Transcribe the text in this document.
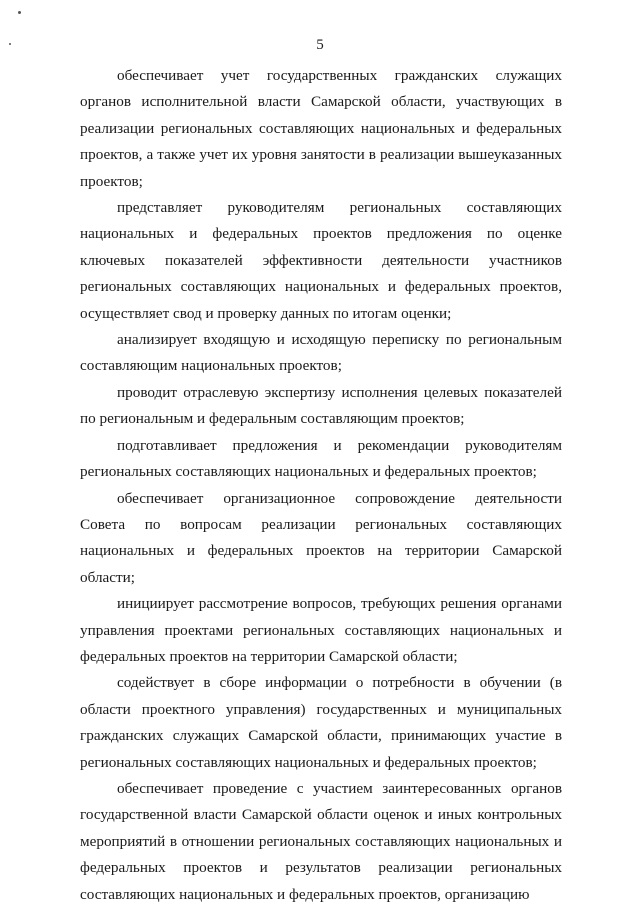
5

обеспечивает учет государственных гражданских служащих органов исполнительной власти Самарской области, участвующих в реализации региональных составляющих национальных и федеральных проектов, а также учет их уровня занятости в реализации вышеуказанных проектов;

представляет руководителям региональных составляющих национальных и федеральных проектов предложения по оценке ключевых показателей эффективности деятельности участников региональных составляющих национальных и федеральных проектов, осуществляет свод и проверку данных по итогам оценки;

анализирует входящую и исходящую переписку по региональным составляющим национальных проектов;

проводит отраслевую экспертизу исполнения целевых показателей по региональным и федеральным составляющим проектов;

подготавливает предложения и рекомендации руководителям региональных составляющих национальных и федеральных проектов;

обеспечивает организационное сопровождение деятельности Совета по вопросам реализации региональных составляющих национальных и федеральных проектов на территории Самарской области;

инициирует рассмотрение вопросов, требующих решения органами управления проектами региональных составляющих национальных и федеральных проектов на территории Самарской области;

содействует в сборе информации о потребности в обучении (в области проектного управления) государственных и муниципальных гражданских служащих Самарской области, принимающих участие в региональных составляющих национальных и федеральных проектов;

обеспечивает проведение с участием заинтересованных органов государственной власти Самарской области оценок и иных контрольных мероприятий в отношении региональных составляющих национальных и федеральных проектов и результатов реализации региональных составляющих национальных и федеральных проектов, организацию
